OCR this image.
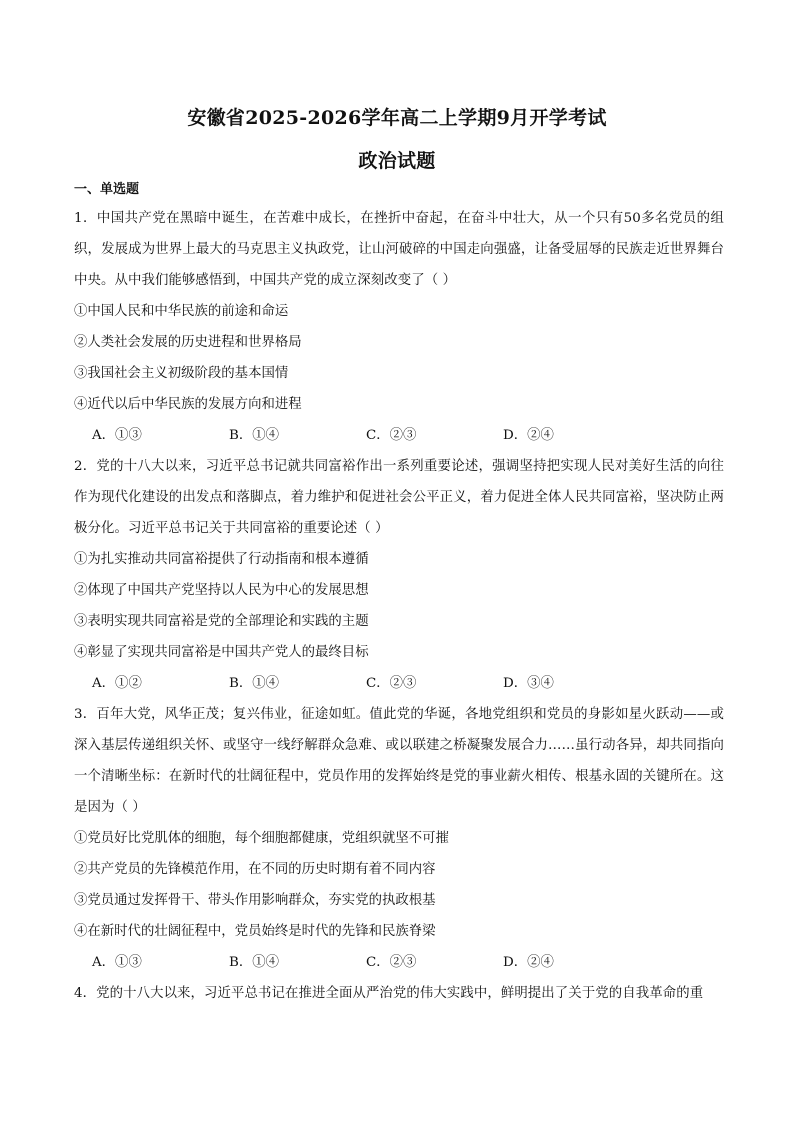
安徽省2025-2026学年高二上学期9月开学考试
政治试题
一、单选题
1．中国共产党在黑暗中诞生，在苦难中成长，在挫折中奋起，在奋斗中壮大，从一个只有50多名党员的组织，发展成为世界上最大的马克思主义执政党，让山河破碎的中国走向强盛，让备受屈辱的民族走近世界舞台中央。从中我们能够感悟到，中国共产党的成立深刻改变了（ ）
①中国人民和中华民族的前途和命运
②人类社会发展的历史进程和世界格局
③我国社会主义初级阶段的基本国情
④近代以后中华民族的发展方向和进程
A．①③	B．①④	C．②③	D．②④
2．党的十八大以来，习近平总书记就共同富裕作出一系列重要论述，强调坚持把实现人民对美好生活的向往作为现代化建设的出发点和落脚点，着力维护和促进社会公平正义，着力促进全体人民共同富裕，坚决防止两极分化。习近平总书记关于共同富裕的重要论述（ ）
①为扎实推动共同富裕提供了行动指南和根本遵循
②体现了中国共产党坚持以人民为中心的发展思想
③表明实现共同富裕是党的全部理论和实践的主题
④彰显了实现共同富裕是中国共产党人的最终目标
A．①②	B．①④	C．②③	D．③④
3．百年大党，风华正茂；复兴伟业，征途如虹。值此党的华诞，各地党组织和党员的身影如星火跃动——或深入基层传递组织关怀、或坚守一线纾解群众急难、或以联建之桥凝聚发展合力……虽行动各异，却共同指向一个清晰坐标：在新时代的壮阔征程中，党员作用的发挥始终是党的事业薪火相传、根基永固的关键所在。这是因为（ ）
①党员好比党肌体的细胞，每个细胞都健康，党组织就坚不可摧
②共产党员的先锋模范作用，在不同的历史时期有着不同内容
③党员通过发挥骨干、带头作用影响群众，夯实党的执政根基
④在新时代的壮阔征程中，党员始终是时代的先锋和民族脊梁
A．①③	B．①④	C．②③	D．②④
4．党的十八大以来，习近平总书记在推进全面从严治党的伟大实践中，鲜明提出了关于党的自我革命的重
